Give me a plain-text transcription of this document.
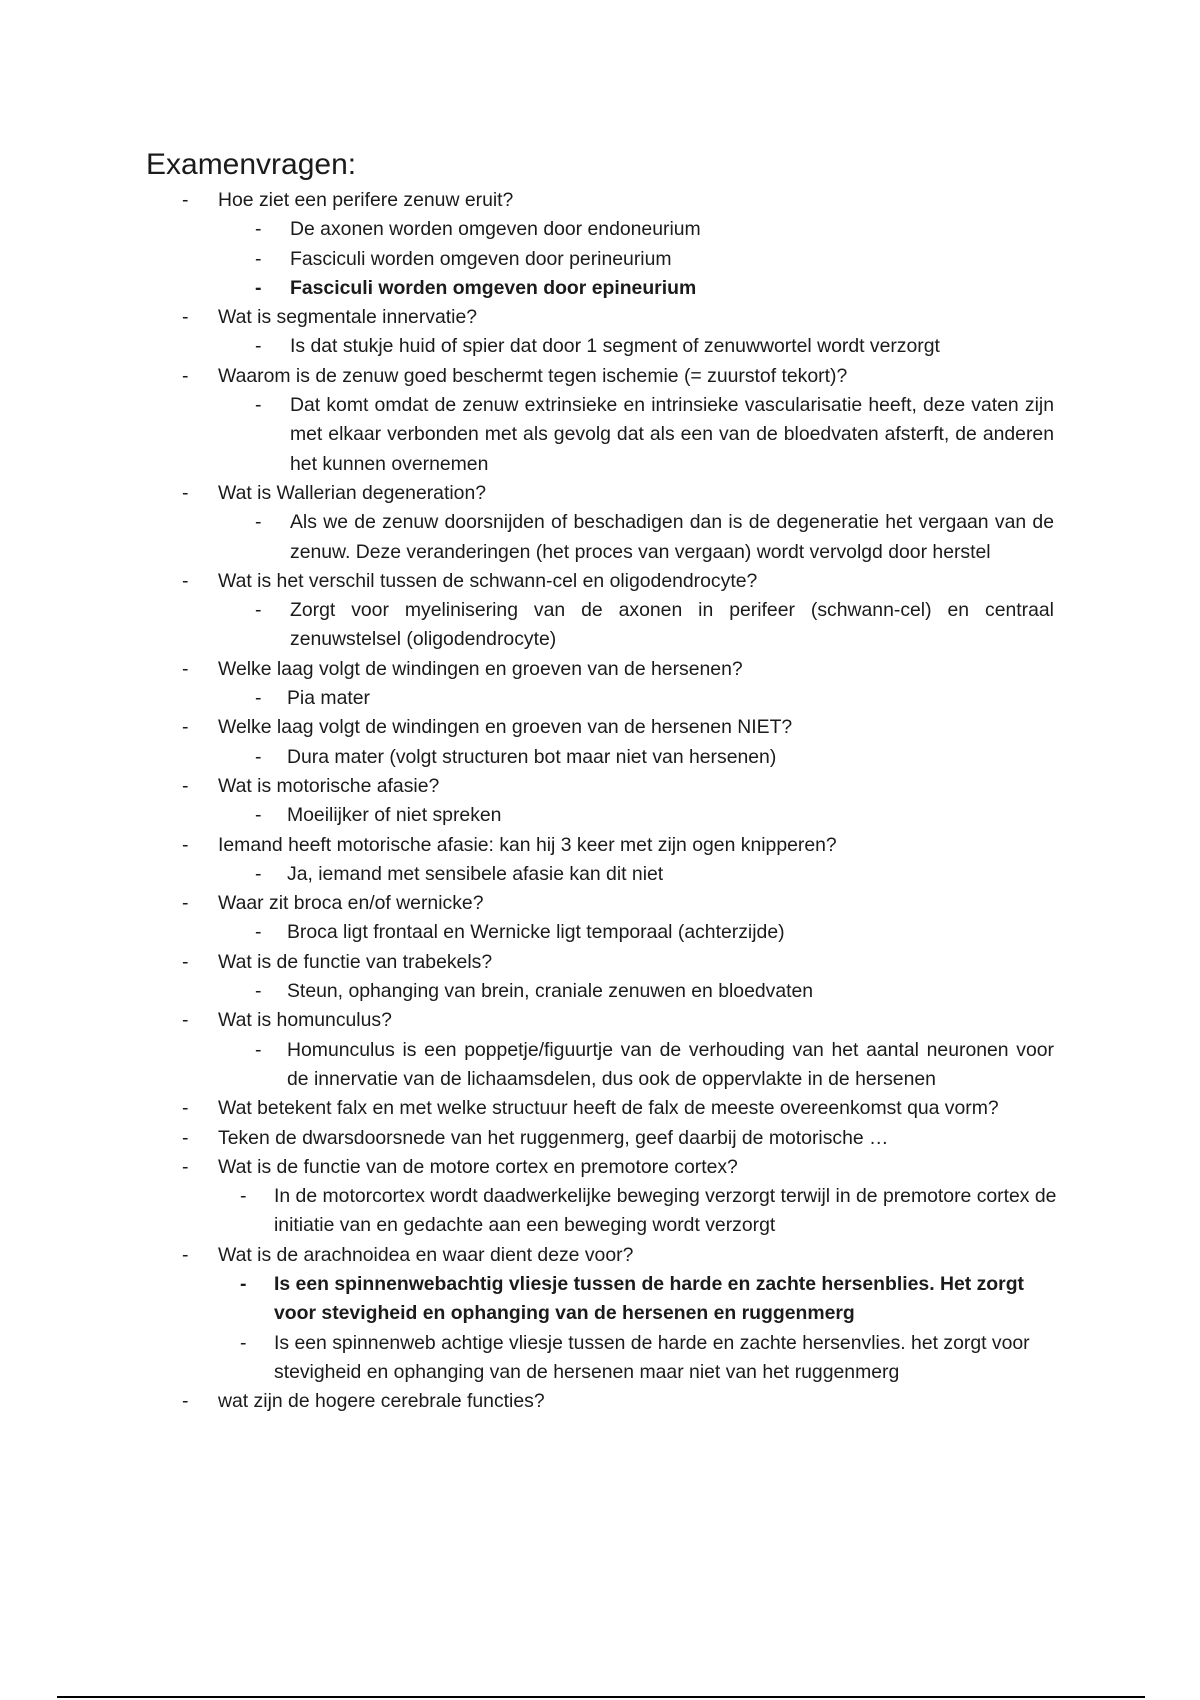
Examenvragen:
-	Hoe ziet een perifere zenuw eruit?
-	De axonen worden omgeven door endoneurium
-	Fasciculi worden omgeven door perineurium
-	Fasciculi worden omgeven door epineurium
-	Wat is segmentale innervatie?
-	Is dat stukje huid of spier dat door 1 segment of zenuwwortel wordt verzorgt
-	Waarom is de zenuw goed beschermt tegen ischemie (= zuurstof tekort)?
-	Dat komt omdat de zenuw extrinsieke en intrinsieke vascularisatie heeft, deze vaten zijn met elkaar verbonden met als gevolg dat als een van de bloedvaten afsterft, de anderen het kunnen overnemen
-	Wat is Wallerian degeneration?
-	Als we de zenuw doorsnijden of beschadigen dan is de degeneratie het vergaan van de zenuw. Deze veranderingen (het proces van vergaan) wordt vervolgd door herstel
-	Wat is het verschil tussen de schwann-cel en oligodendrocyte?
-	Zorgt voor myelinisering van de axonen in perifeer (schwann-cel) en centraal zenuwstelsel (oligodendrocyte)
-	Welke laag volgt de windingen en groeven van de hersenen?
-	Pia mater
-	Welke laag volgt de windingen en groeven van de hersenen NIET?
-	Dura mater (volgt structuren bot maar niet van hersenen)
-	Wat is motorische afasie?
-	Moeilijker of niet spreken
-	Iemand heeft motorische afasie: kan hij 3 keer met zijn ogen knipperen?
-	Ja, iemand met sensibele afasie kan dit niet
-	Waar zit broca en/of wernicke?
-	Broca ligt frontaal en Wernicke ligt temporaal (achterzijde)
-	Wat is de functie van trabekels?
-	Steun, ophanging van brein, craniale zenuwen en bloedvaten
-	Wat is homunculus?
-	Homunculus is een poppetje/figuurtje van de verhouding van het aantal neuronen voor de innervatie van de lichaamsdelen, dus ook de oppervlakte in de hersenen
-	Wat betekent falx en met welke structuur heeft de falx de meeste overeenkomst qua vorm?
-	Teken de dwarsdoorsnede van het ruggenmerg, geef daarbij de motorische …
-	Wat is de functie van de motore cortex en premotore cortex?
-	In de motorcortex wordt daadwerkelijke beweging verzorgt terwijl in de premotore cortex de initiatie van en gedachte aan een beweging wordt verzorgt
-	Wat is de arachnoidea en waar dient deze voor?
-	Is een spinnenwebachtig vliesje tussen de harde en zachte hersenblies. Het zorgt voor stevigheid en ophanging van de hersenen en ruggenmerg
-	Is een spinnenweb achtige vliesje tussen de harde en zachte hersenvlies. het zorgt voor stevigheid en ophanging van de hersenen maar niet van het ruggenmerg
-	wat zijn de hogere cerebrale functies?
